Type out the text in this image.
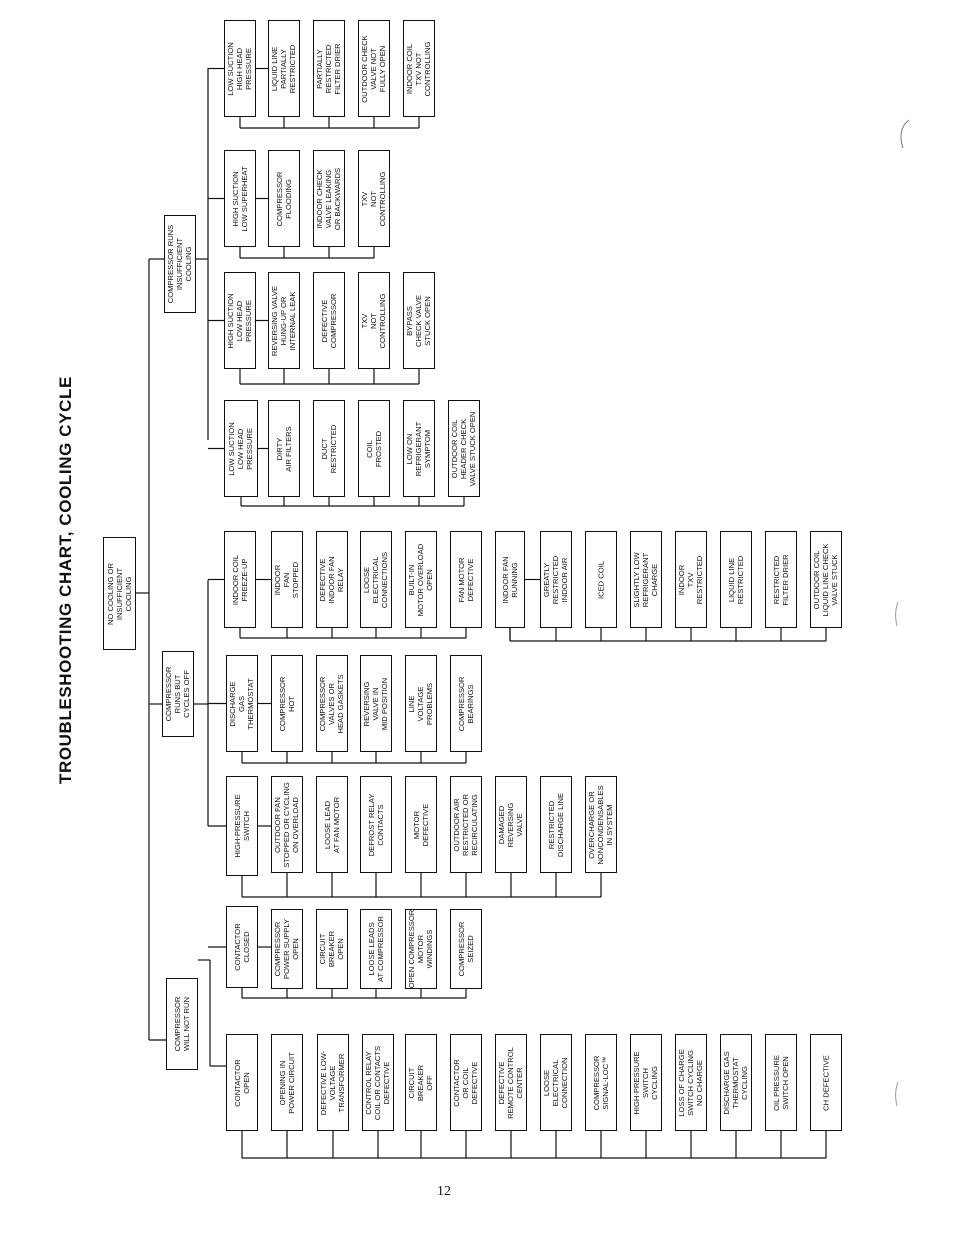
TROUBLESHOOTING CHART, COOLING CYCLE	NO COOLING OR
INSUFFICIENT
COOLING
COMPRESSOR
WILL NOT RUN
COMPRESSOR
RUNS BUT
CYCLES OFF
COMPRESSOR RUNS
INSUFFICIENT
COOLING
CONTACTOR
OPEN	OPENING IN
POWER CIRCUIT
DEFECTIVE LOW-
VOLTAGE
TRANSFORMER CONTROL RELAY
COIL OR CONTACTS
DEFECTIVE CIRCUIT
BREAKER
OFF CONTACTOR
OR COIL
DEFECTIVE DEFECTIVE
REMOTE CONTROL
CENTER LOOSE
ELECTRICAL
CONNECTION	COMPRESSOR
SIGNAL-LOC™	HIGH-PRESSURE
SWITCH
CYCLING
LOSS OF CHARGE
SWITCH CYCLING
NO CHARGE DISCHARGE GAS
THERMOSTAT
CYCLING
OIL PRESSURE
SWITCH OPEN	CH DEFECTIVE
CONTACTOR
CLOSED	COMPRESSOR
POWER SUPPLY
OPEN CIRCUIT
BREAKER
OPEN
LOOSE LEADS
AT COMPRESSOR
OPEN COMPRESSOR
MOTOR
WINDINGS	COMPRESSOR
SEIZED
HIGH-PRESSURE
SWITCH	OUTDOOR FAN
STOPPED OR CYCLING
ON OVERLOAD	LOOSE LEAD
AT FAN MOTOR
DEFROST RELAY
CONTACTS	MOTOR
DEFECTIVE	OUTDOOR AIR
RESTRICTED OR
RECIRCULATING DAMAGED
REVERSING
VALVE	RESTRICTED
DISCHARGE LINE
OVERCHARGE OR
NONCONDENSABLES
IN SYSTEM
DISCHARGE
GAS
THERMOSTAT	COMPRESSOR
HOT	COMPRESSOR
VALVES OR
HEAD GASKETS REVERSING
VALVE IN
MID POSITION LINE
VOLTAGE
PROBLEMS	COMPRESSOR
BEARINGS
INDOOR COIL
FREEZE-UP	INDOOR
FAN
STOPPED DEFECTIVE
INDOOR FAN
RELAY LOOSE
ELECTRICAL
CONNECTIONS BUILT-IN
MOTOR OVERLOAD
OPEN
FAN MOTOR
DEFECTIVE	INDOOR FAN
RUNNING	GREATLY
RESTRICTED
INDOOR AIR	ICED COIL	SLIGHTLY LOW
REFRIGERANT
CHARGE INDOOR
TXV
RESTRICTED	LIQUID LINE
RESTRICTED	RESTRICTED
FILTER DRIER
OUTDOOR COIL
LIQUID LINE CHECK
VALVE STUCK
LOW SUCTION
LOW HEAD
PRESSURE	DIRTY
AIR FILTERS	DUCT
RESTRICTED	COIL
FROSTED	LOW ON
REFRIGERANT
SYMPTOM OUTDOOR COIL
HEADER CHECK
VALVE STUCK OPEN
HIGH SUCTION
LOW HEAD
PRESSURE REVERSING VALVE
HUNG-UP OR
INTERNAL LEAK	DEFECTIVE
COMPRESSOR	TXV
NOT
CONTROLLING BYPASS
CHECK VALVE
STUCK OPEN
HIGH SUCTION
LOW SUPERHEAT	COMPRESSOR
FLOODING	INDOOR CHECK
VALVE LEAKING
OR BACKWARDS TXV
NOT
CONTROLLING
LOW SUCTION
HIGH HEAD
PRESSURE LIQUID LINE
PARTIALLY
RESTRICTED PARTIALLY
RESTRICTED
FILTER DRIER
OUTDOOR CHECK
VALVE NOT
FULLY OPEN
INDOOR COIL
TXV NOT
CONTROLLING
12
